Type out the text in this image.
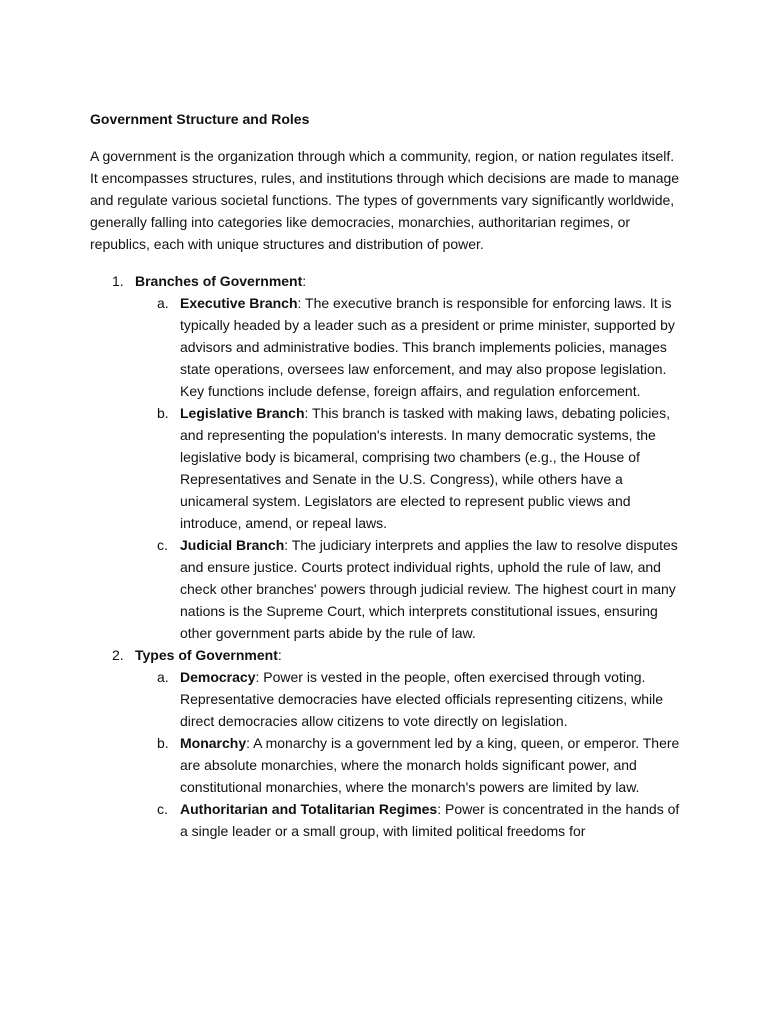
Government Structure and Roles
A government is the organization through which a community, region, or nation regulates itself. It encompasses structures, rules, and institutions through which decisions are made to manage and regulate various societal functions. The types of governments vary significantly worldwide, generally falling into categories like democracies, monarchies, authoritarian regimes, or republics, each with unique structures and distribution of power.
1. Branches of Government:
a. Executive Branch: The executive branch is responsible for enforcing laws. It is typically headed by a leader such as a president or prime minister, supported by advisors and administrative bodies. This branch implements policies, manages state operations, oversees law enforcement, and may also propose legislation. Key functions include defense, foreign affairs, and regulation enforcement.
b. Legislative Branch: This branch is tasked with making laws, debating policies, and representing the population's interests. In many democratic systems, the legislative body is bicameral, comprising two chambers (e.g., the House of Representatives and Senate in the U.S. Congress), while others have a unicameral system. Legislators are elected to represent public views and introduce, amend, or repeal laws.
c. Judicial Branch: The judiciary interprets and applies the law to resolve disputes and ensure justice. Courts protect individual rights, uphold the rule of law, and check other branches' powers through judicial review. The highest court in many nations is the Supreme Court, which interprets constitutional issues, ensuring other government parts abide by the rule of law.
2. Types of Government:
a. Democracy: Power is vested in the people, often exercised through voting. Representative democracies have elected officials representing citizens, while direct democracies allow citizens to vote directly on legislation.
b. Monarchy: A monarchy is a government led by a king, queen, or emperor. There are absolute monarchies, where the monarch holds significant power, and constitutional monarchies, where the monarch's powers are limited by law.
c. Authoritarian and Totalitarian Regimes: Power is concentrated in the hands of a single leader or a small group, with limited political freedoms for
